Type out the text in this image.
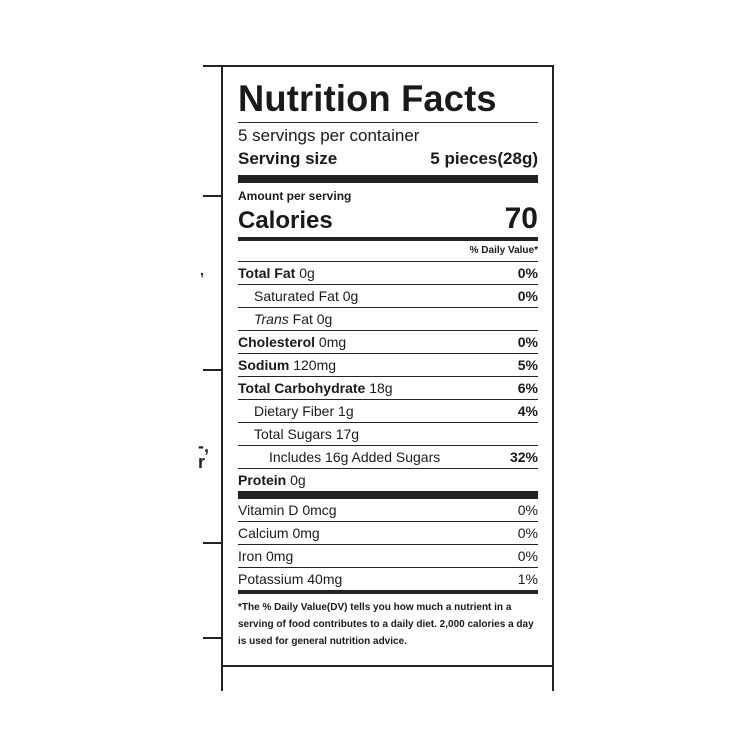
,
-,
r
Nutrition Facts
5 servings per container
Serving size	5 pieces(28g)
Amount per serving
Calories	70
% Daily Value*
Total Fat 0g	0%
Saturated Fat 0g	0%
Trans Fat 0g
Cholesterol 0mg	0%
Sodium 120mg	5%
Total Carbohydrate 18g	6%
Dietary Fiber 1g	4%
Total Sugars 17g
Includes 16g Added Sugars	32%
Protein 0g
Vitamin D 0mcg	0%
Calcium 0mg	0%
Iron 0mg	0%
Potassium 40mg	1%
*The % Daily Value(DV) tells you how much a nutrient in a serving of food contributes to a daily diet. 2,000 calories a day is used for general nutrition advice.
